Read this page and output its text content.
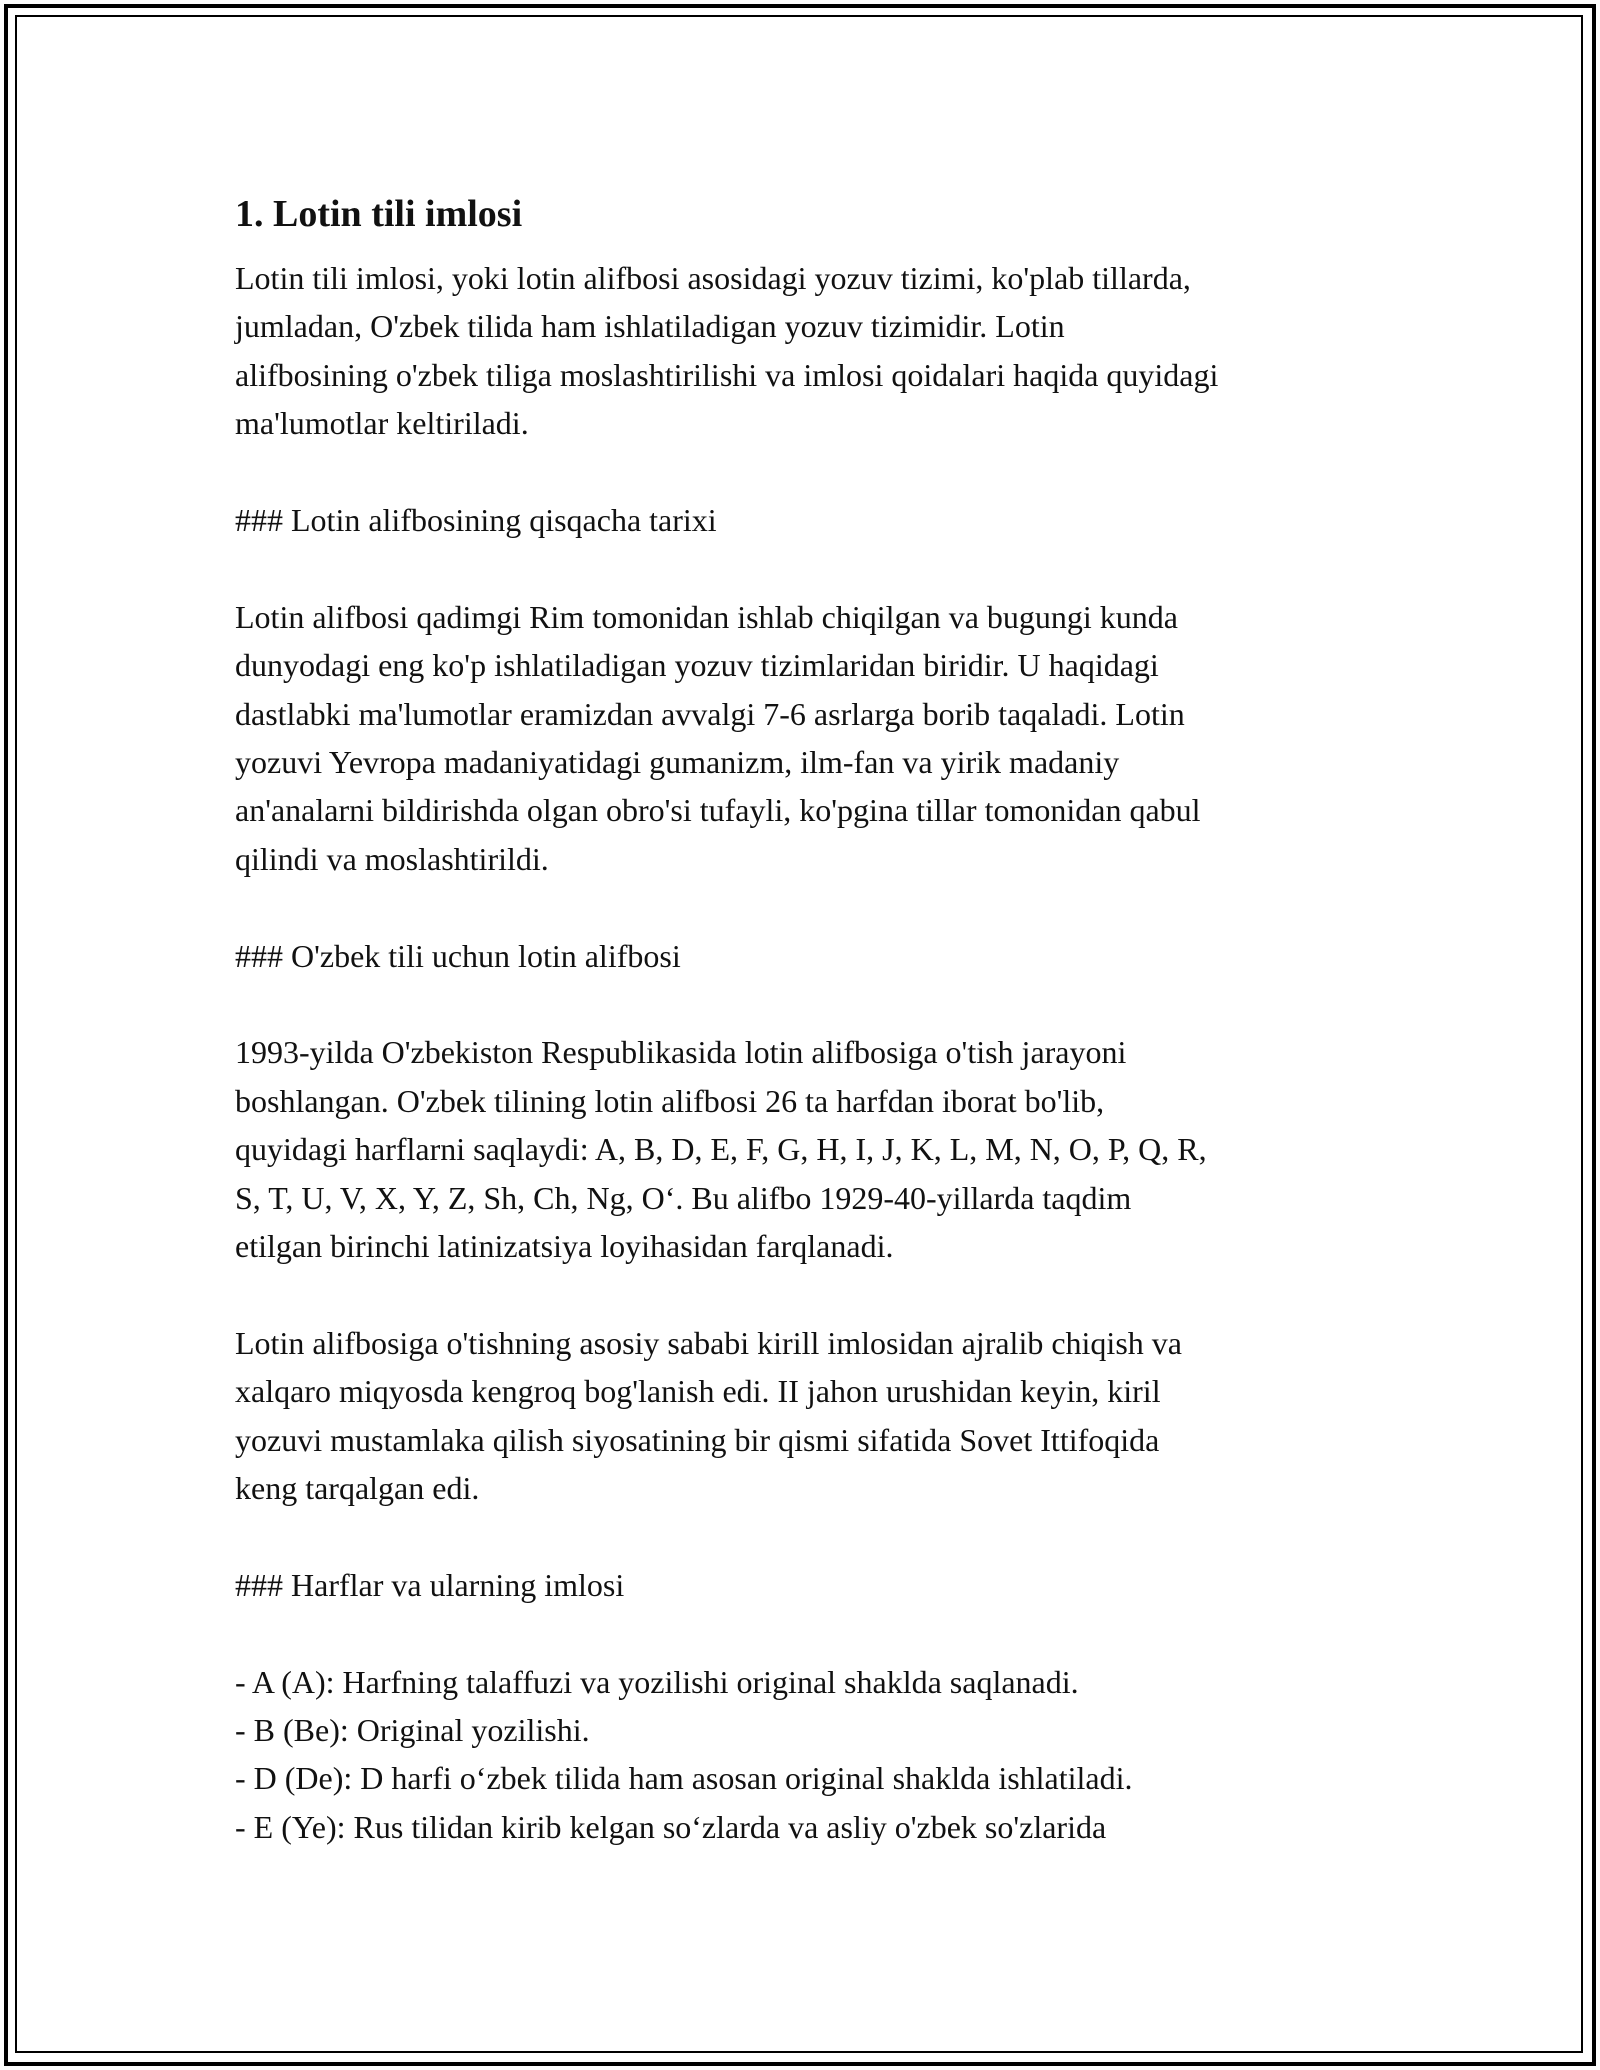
1. Lotin tili imlosi
Lotin tili imlosi, yoki lotin alifbosi asosidagi yozuv tizimi, ko'plab tillarda,
jumladan, O'zbek tilida ham ishlatiladigan yozuv tizimidir. Lotin
alifbosining o'zbek tiliga moslashtirilishi va imlosi qoidalari haqida quyidagi
ma'lumotlar keltiriladi.
### Lotin alifbosining qisqacha tarixi
Lotin alifbosi qadimgi Rim tomonidan ishlab chiqilgan va bugungi kunda
dunyodagi eng ko'p ishlatiladigan yozuv tizimlaridan biridir. U haqidagi
dastlabki ma'lumotlar eramizdan avvalgi 7-6 asrlarga borib taqaladi. Lotin
yozuvi Yevropa madaniyatidagi gumanizm, ilm-fan va yirik madaniy
an'analarni bildirishda olgan obro'si tufayli, ko'pgina tillar tomonidan qabul
qilindi va moslashtirildi.
### O'zbek tili uchun lotin alifbosi
1993-yilda O'zbekiston Respublikasida lotin alifbosiga o'tish jarayoni
boshlangan. O'zbek tilining lotin alifbosi 26 ta harfdan iborat bo'lib,
quyidagi harflarni saqlaydi: A, B, D, E, F, G, H, I, J, K, L, M, N, O, P, Q, R,
S, T, U, V, X, Y, Z, Sh, Ch, Ng, O‘. Bu alifbo 1929-40-yillarda taqdim
etilgan birinchi latinizatsiya loyihasidan farqlanadi.
Lotin alifbosiga o'tishning asosiy sababi kirill imlosidan ajralib chiqish va
xalqaro miqyosda kengroq bog'lanish edi. II jahon urushidan keyin, kiril
yozuvi mustamlaka qilish siyosatining bir qismi sifatida Sovet Ittifoqida
keng tarqalgan edi.
### Harflar va ularning imlosi
- A (A): Harfning talaffuzi va yozilishi original shaklda saqlanadi.
- B (Be): Original yozilishi.
- D (De): D harfi o‘zbek tilida ham asosan original shaklda ishlatiladi.
- E (Ye): Rus tilidan kirib kelgan so‘zlarda va asliy o'zbek so'zlarida
